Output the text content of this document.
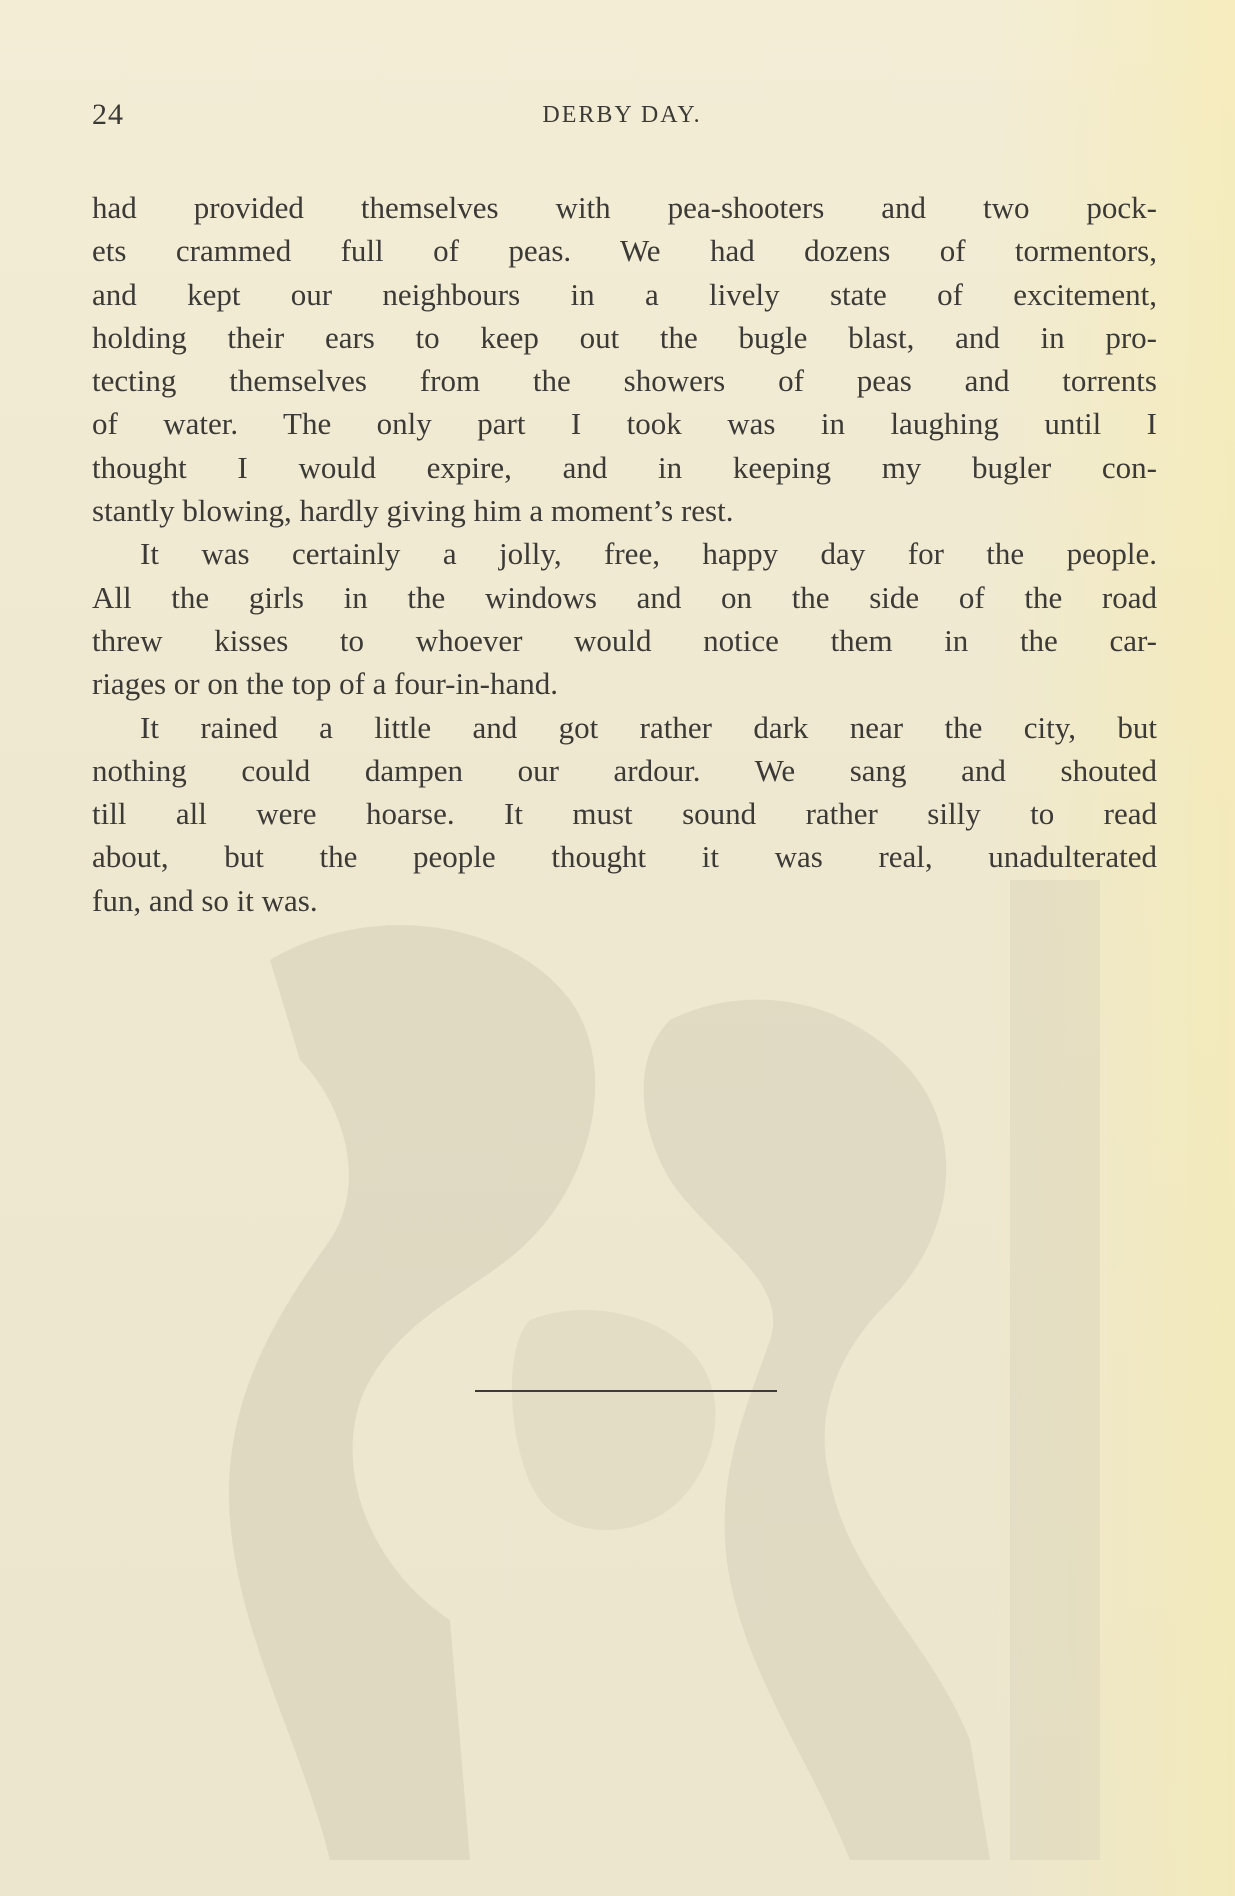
24	DERBY DAY.
had provided themselves with pea-shooters and two pock-
ets crammed full of peas. We had dozens of tormentors,
and kept our neighbours in a lively state of excitement,
holding their ears to keep out the bugle blast, and in pro-
tecting themselves from the showers of peas and torrents
of water. The only part I took was in laughing until I
thought I would expire, and in keeping my bugler con-
stantly blowing, hardly giving him a moment’s rest.
It was certainly a jolly, free, happy day for the people.
All the girls in the windows and on the side of the road
threw kisses to whoever would notice them in the car-
riages or on the top of a four-in-hand.
It rained a little and got rather dark near the city, but
nothing could dampen our ardour. We sang and shouted
till all were hoarse. It must sound rather silly to read
about, but the people thought it was real, unadulterated
fun, and so it was.
